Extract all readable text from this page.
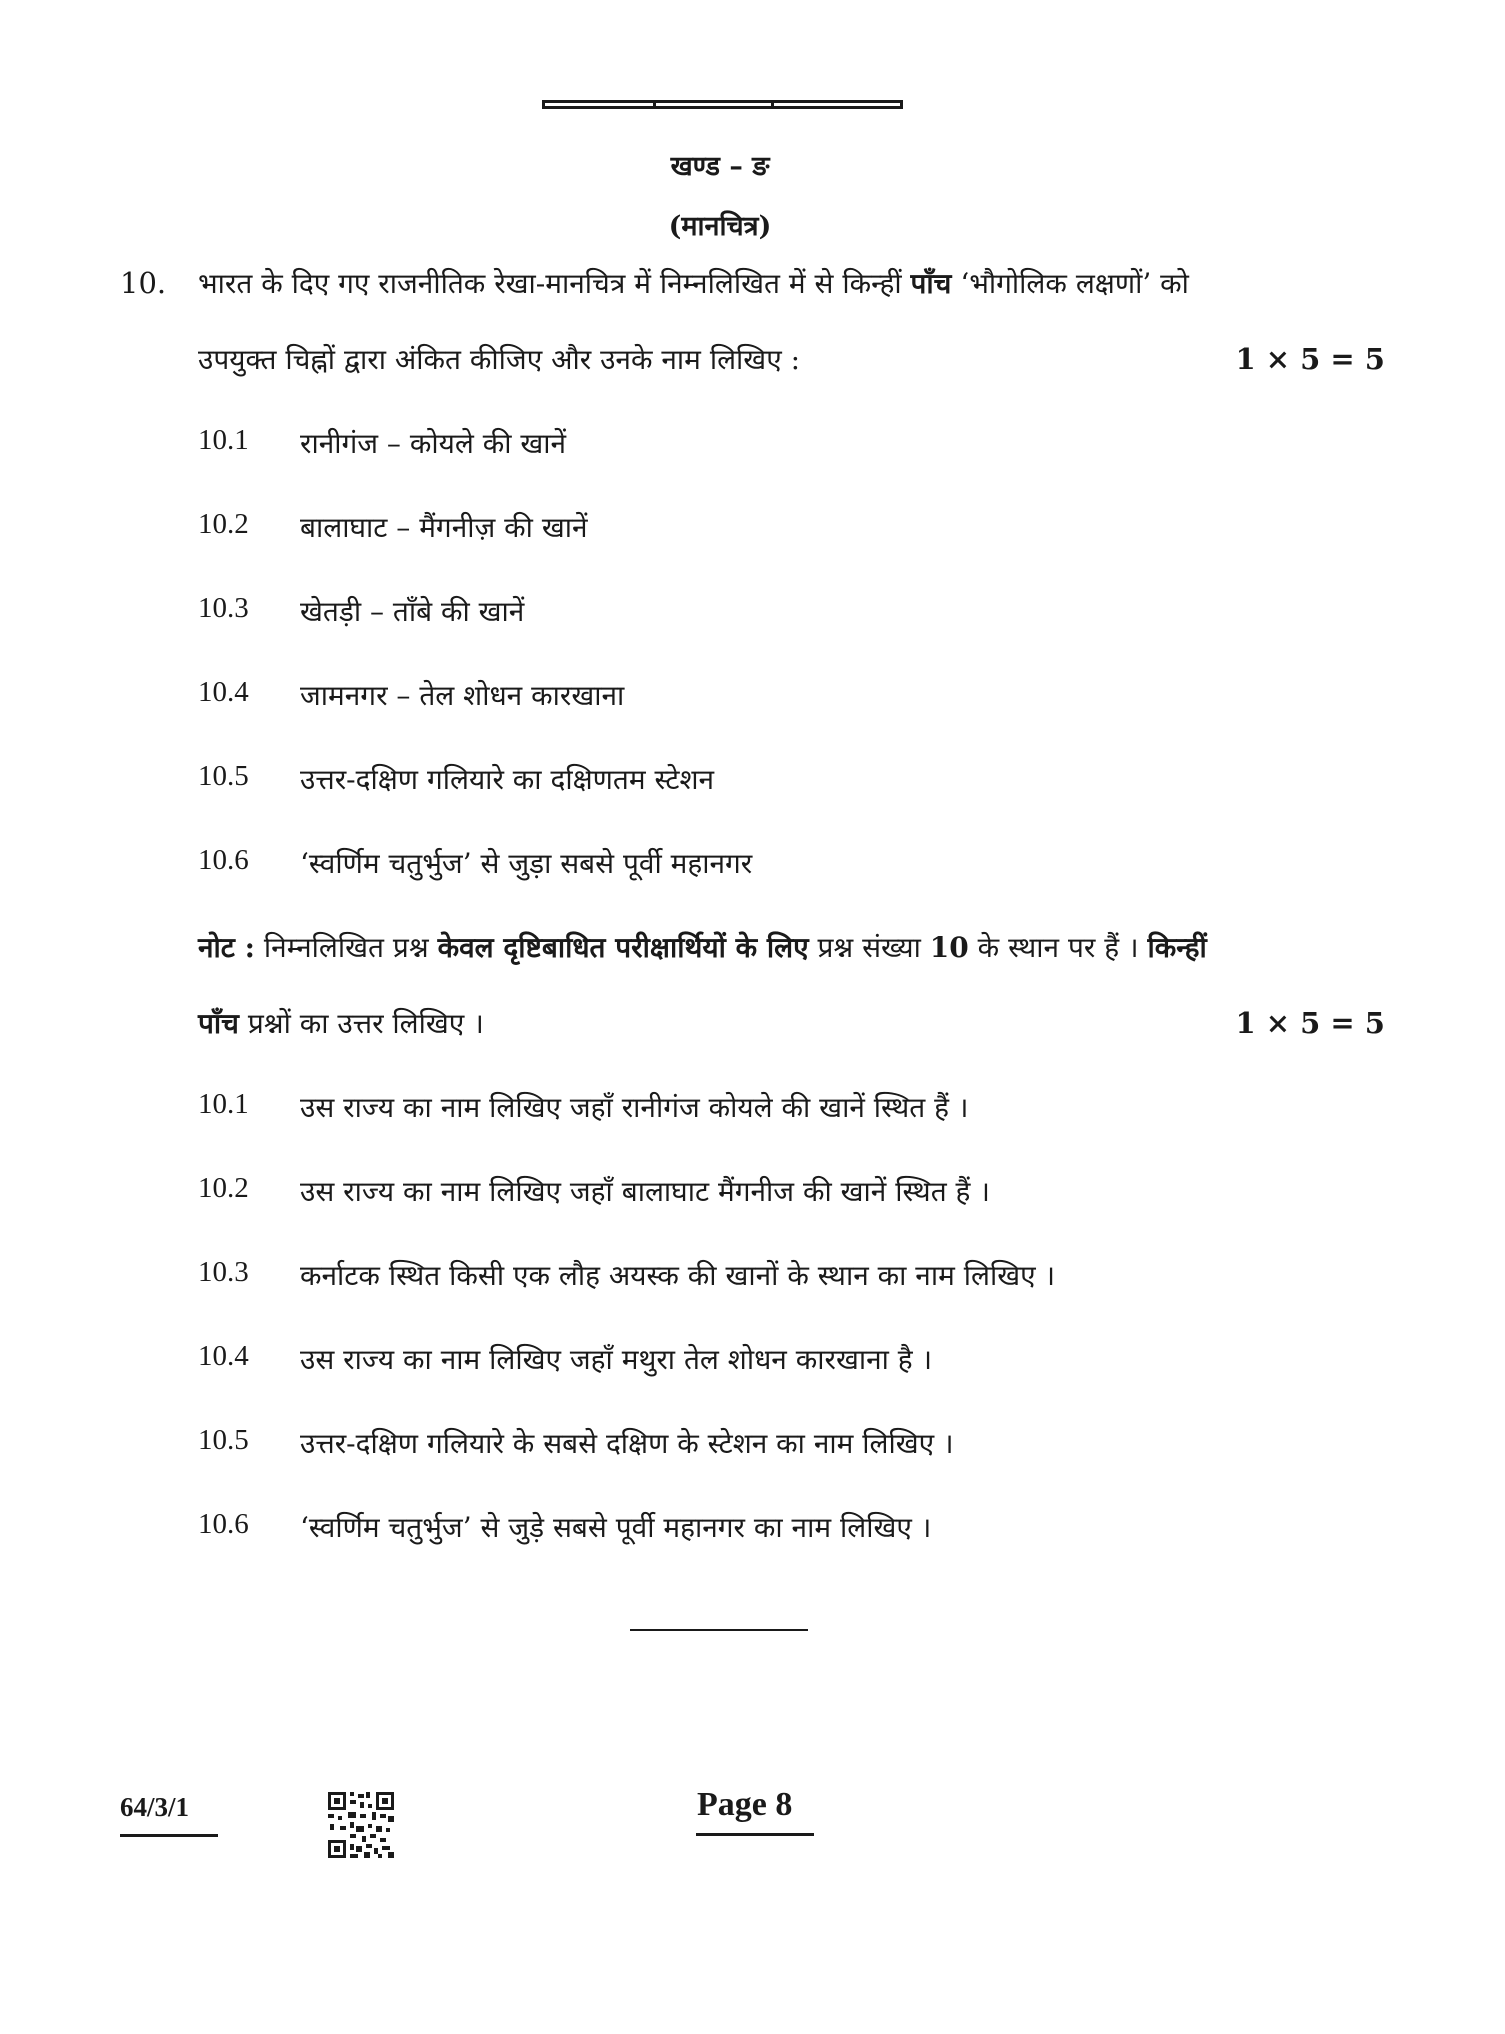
खण्ड – ङ
(मानचित्र)
10. भारत के दिए गए राजनीतिक रेखा-मानचित्र में निम्नलिखित में से किन्हीं पाँच ‘भौगोलिक लक्षणों’ को
उपयुक्त चिह्नों द्वारा अंकित कीजिए और उनके नाम लिखिए :	1 × 5 = 5
10.1 रानीगंज – कोयले की खानें
10.2 बालाघाट – मैंगनीज़ की खानें
10.3 खेतड़ी – ताँबे की खानें
10.4 जामनगर – तेल शोधन कारखाना
10.5 उत्तर-दक्षिण गलियारे का दक्षिणतम स्टेशन
10.6 ‘स्वर्णिम चतुर्भुज’ से जुड़ा सबसे पूर्वी महानगर
नोट : निम्नलिखित प्रश्न केवल दृष्टिबाधित परीक्षार्थियों के लिए प्रश्न संख्या 10 के स्थान पर हैं । किन्हीं
पाँच प्रश्नों का उत्तर लिखिए ।	1 × 5 = 5
10.1 उस राज्य का नाम लिखिए जहाँ रानीगंज कोयले की खानें स्थित हैं ।
10.2 उस राज्य का नाम लिखिए जहाँ बालाघाट मैंगनीज की खानें स्थित हैं ।
10.3 कर्नाटक स्थित किसी एक लौह अयस्क की खानों के स्थान का नाम लिखिए ।
10.4 उस राज्य का नाम लिखिए जहाँ मथुरा तेल शोधन कारखाना है ।
10.5 उत्तर-दक्षिण गलियारे के सबसे दक्षिण के स्टेशन का नाम लिखिए ।
10.6 ‘स्वर्णिम चतुर्भुज’ से जुड़े सबसे पूर्वी महानगर का नाम लिखिए ।
64/3/1	Page 8
